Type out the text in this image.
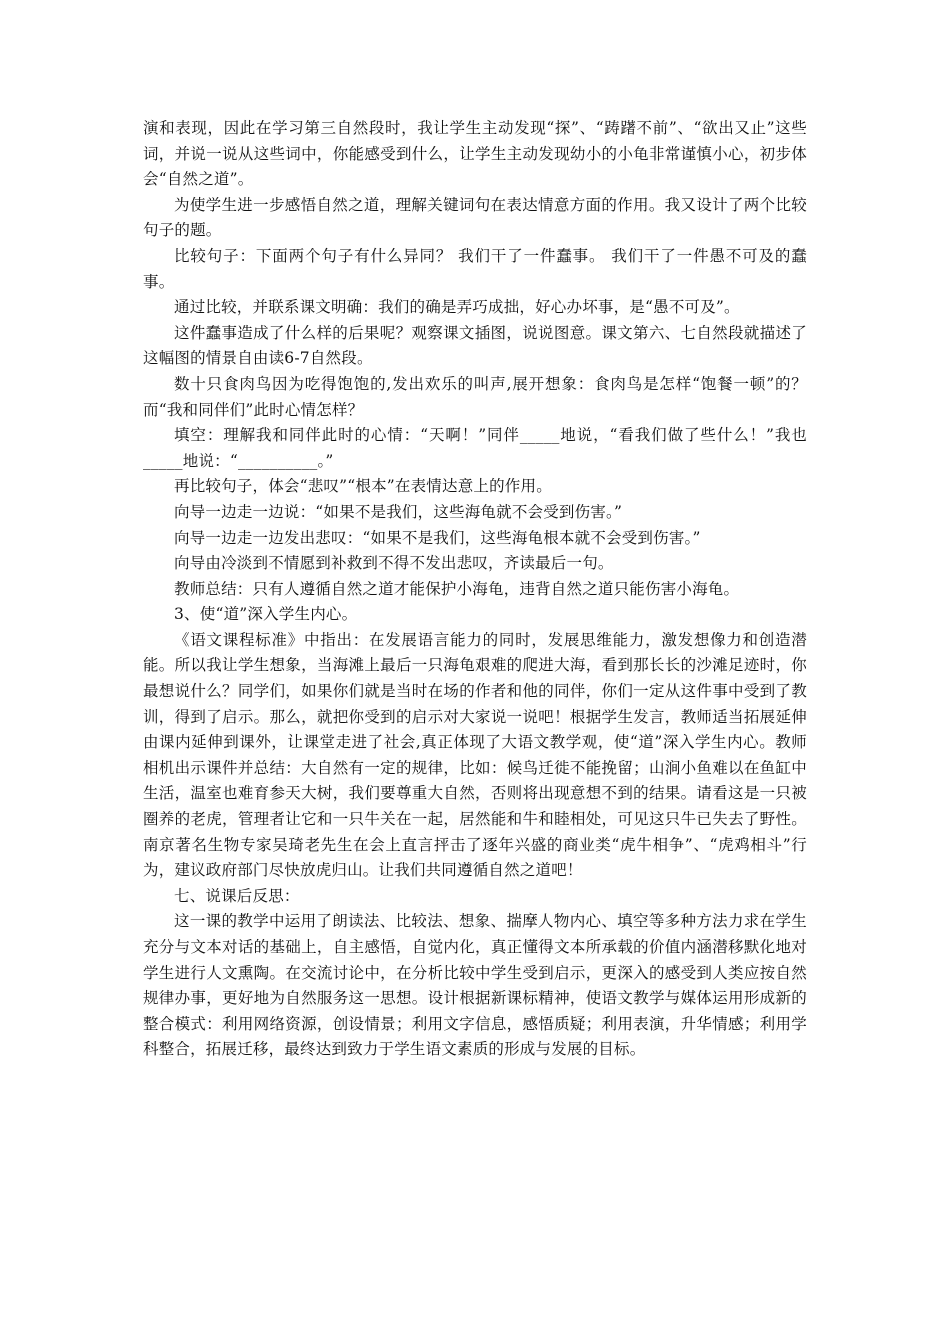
演和表现，因此在学习第三自然段时，我让学生主动发现“探”、“踌躇不前”、“欲出又止”这些词，并说一说从这些词中，你能感受到什么，让学生主动发现幼小的小龟非常谨慎小心，初步体会“自然之道”。

为使学生进一步感悟自然之道，理解关键词句在表达情意方面的作用。我又设计了两个比较句子的题。

比较句子：下面两个句子有什么异同？ 我们干了一件蠢事。 我们干了一件愚不可及的蠢事。

通过比较，并联系课文明确：我们的确是弄巧成拙，好心办坏事，是“愚不可及”。

这件蠢事造成了什么样的后果呢？观察课文插图，说说图意。课文第六、七自然段就描述了这幅图的情景自由读6-7自然段。

数十只食肉鸟因为吃得饱饱的,发出欢乐的叫声,展开想象：食肉鸟是怎样“饱餐一顿”的？而“我和同伴们”此时心情怎样？

填空：理解我和同伴此时的心情：“天啊！”同伴_____地说，“看我们做了些什么！”我也_____地说：“__________。”

再比较句子，体会“悲叹”“根本”在表情达意上的作用。

向导一边走一边说：“如果不是我们，这些海龟就不会受到伤害。”

向导一边走一边发出悲叹：“如果不是我们，这些海龟根本就不会受到伤害。”

向导由冷淡到不情愿到补救到不得不发出悲叹，齐读最后一句。

教师总结：只有人遵循自然之道才能保护小海龟，违背自然之道只能伤害小海龟。

3、使“道”深入学生内心。

《语文课程标准》中指出：在发展语言能力的同时，发展思维能力，激发想像力和创造潜能。所以我让学生想象，当海滩上最后一只海龟艰难的爬进大海，看到那长长的沙滩足迹时，你最想说什么？同学们，如果你们就是当时在场的作者和他的同伴，你们一定从这件事中受到了教训，得到了启示。那么，就把你受到的启示对大家说一说吧！根据学生发言，教师适当拓展延伸由课内延伸到课外，让课堂走进了社会,真正体现了大语文教学观，使“道”深入学生内心。教师相机出示课件并总结：大自然有一定的规律，比如：候鸟迁徙不能挽留；山涧小鱼难以在鱼缸中生活，温室也难育参天大树，我们要尊重大自然，否则将出现意想不到的结果。请看这是一只被圈养的老虎，管理者让它和一只牛关在一起，居然能和牛和睦相处，可见这只牛已失去了野性。南京著名生物专家吴琦老先生在会上直言抨击了逐年兴盛的商业类“虎牛相争”、“虎鸡相斗”行为，建议政府部门尽快放虎归山。让我们共同遵循自然之道吧！

七、说课后反思：

这一课的教学中运用了朗读法、比较法、想象、揣摩人物内心、填空等多种方法力求在学生充分与文本对话的基础上，自主感悟，自觉内化，真正懂得文本所承载的价值内涵潜移默化地对学生进行人文熏陶。在交流讨论中，在分析比较中学生受到启示，更深入的感受到人类应按自然规律办事，更好地为自然服务这一思想。设计根据新课标精神，使语文教学与媒体运用形成新的整合模式：利用网络资源，创设情景；利用文字信息，感悟质疑；利用表演，升华情感；利用学科整合，拓展迁移，最终达到致力于学生语文素质的形成与发展的目标。
